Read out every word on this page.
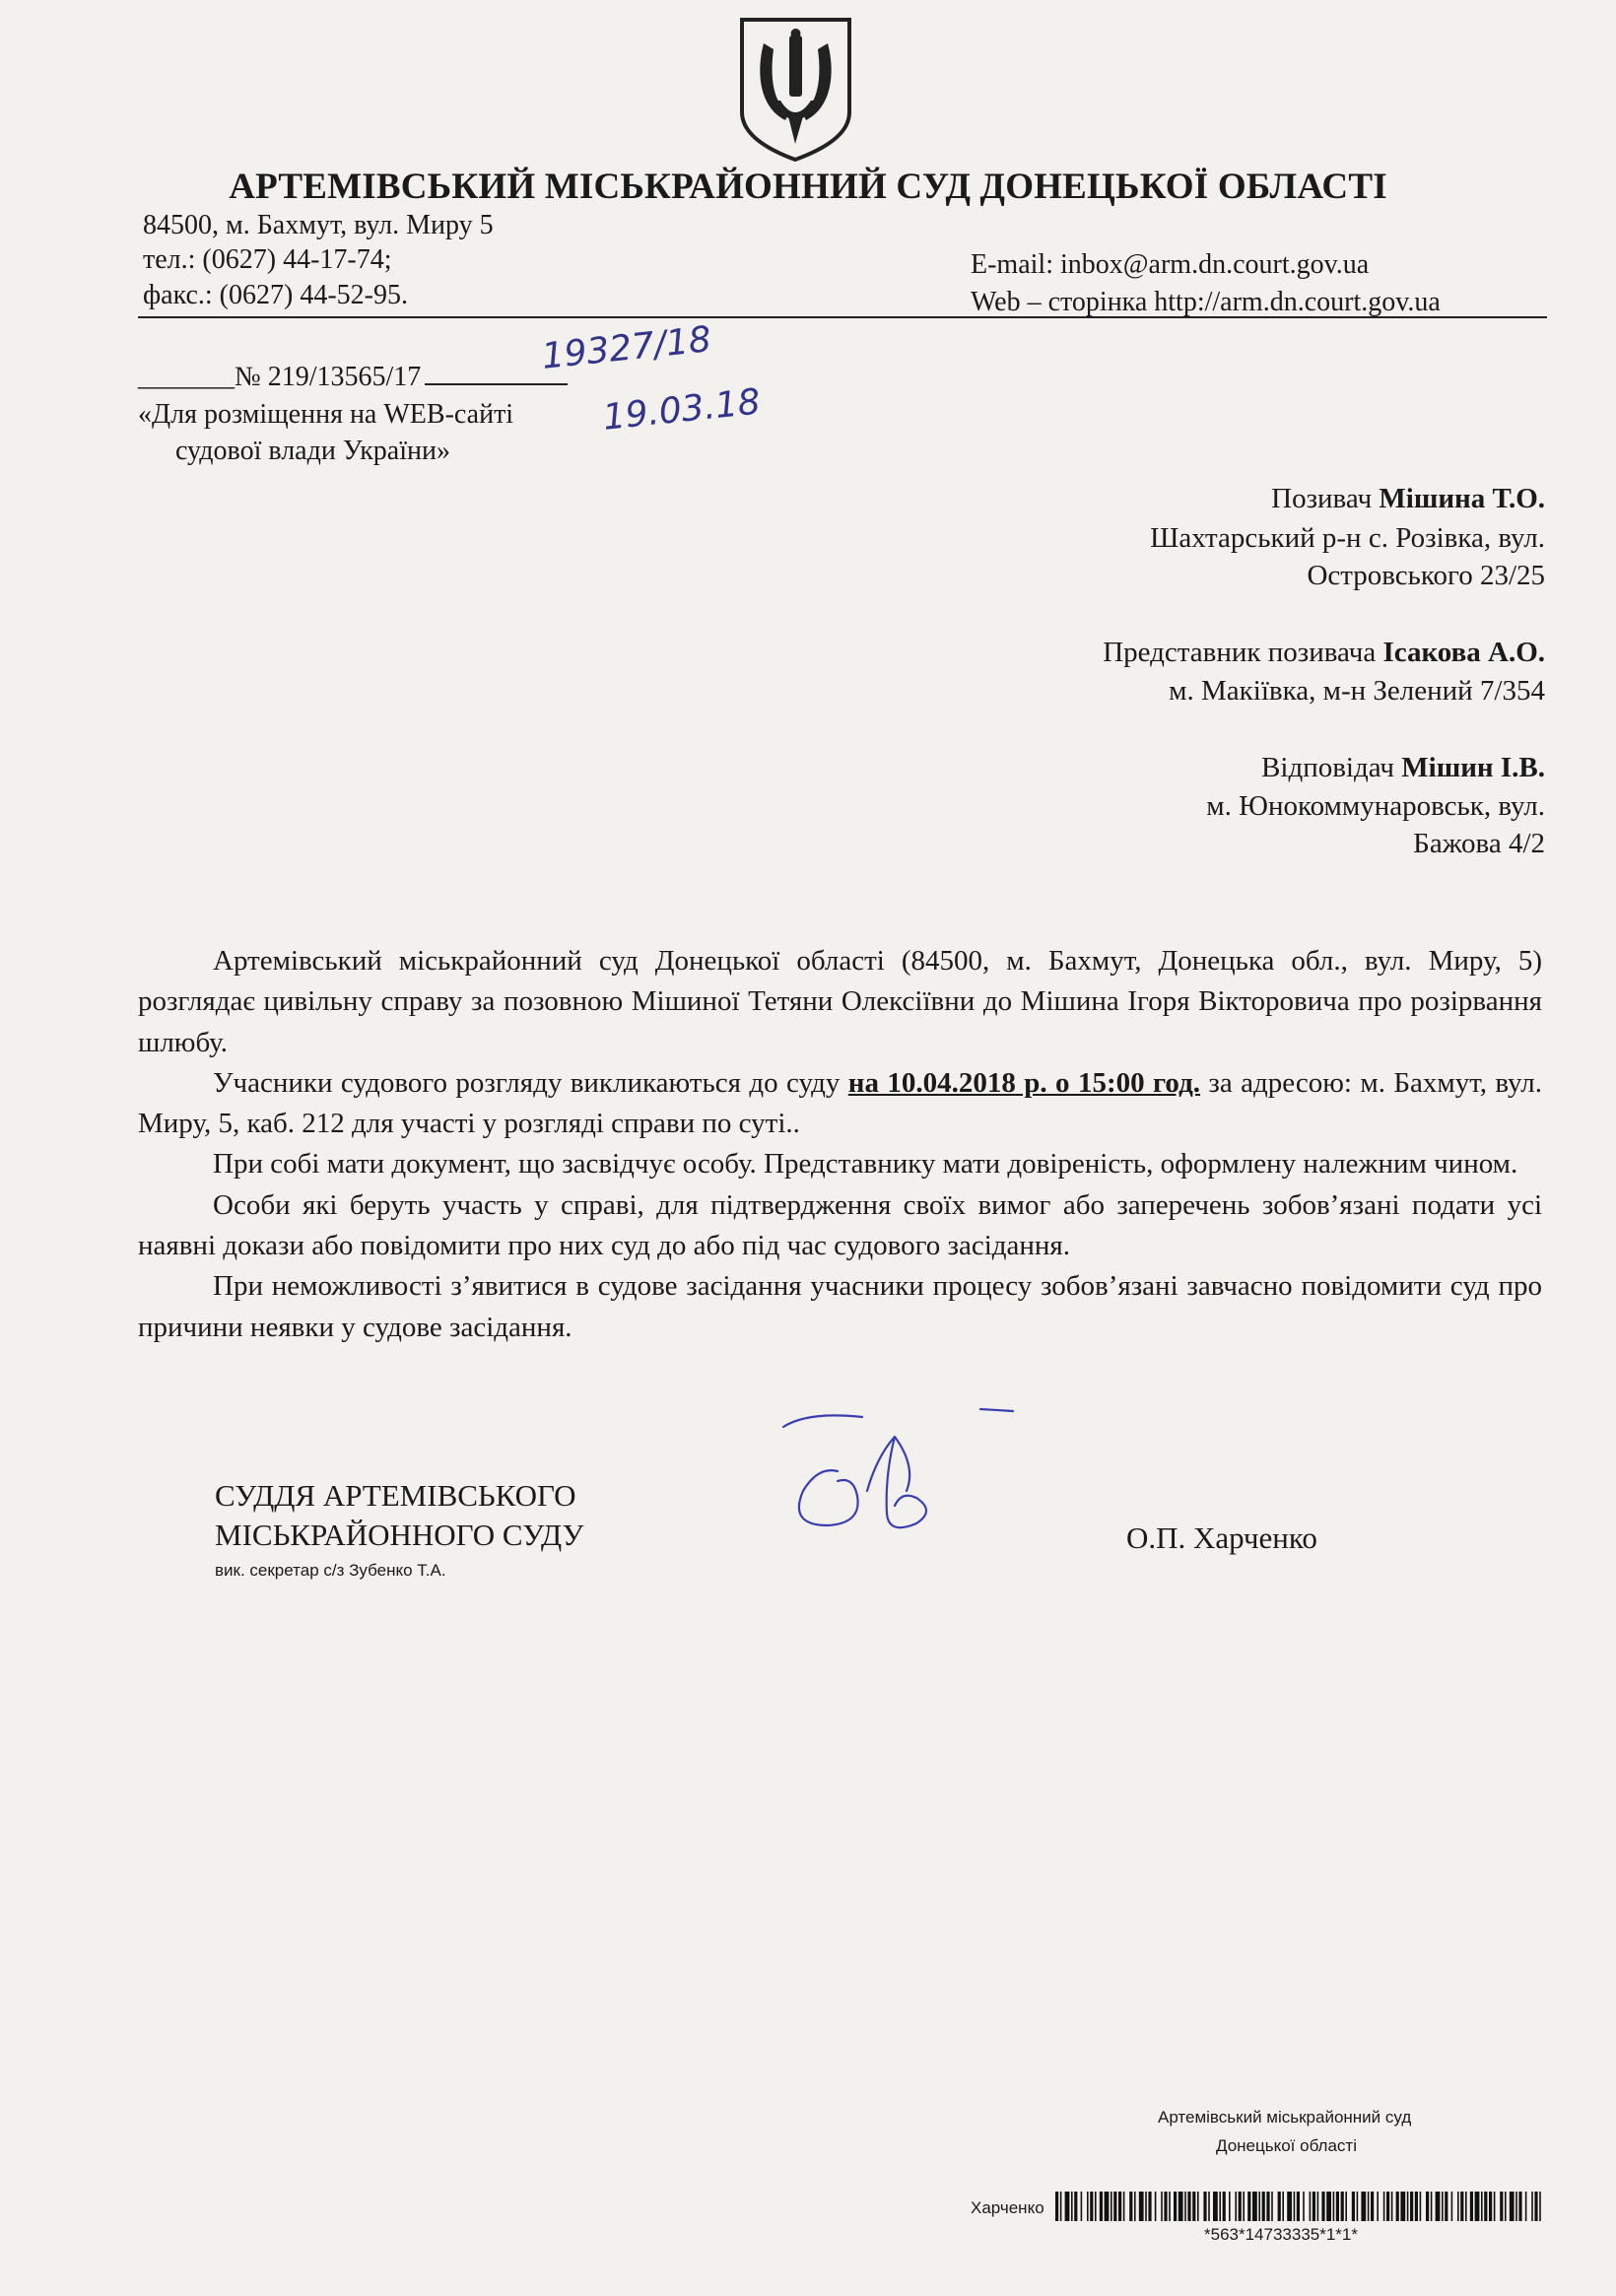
АРТЕМІВСЬКИЙ МІСЬКРАЙОННИЙ СУД ДОНЕЦЬКОЇ ОБЛАСТІ
84500, м. Бахмут, вул. Миру 5
тел.: (0627) 44-17-74;
факс.: (0627) 44-52-95.
E-mail: inbox@arm.dn.court.gov.ua
Web – сторінка http://arm.dn.court.gov.ua
_______№ 219/13565/17	19327/18
19.03.18
«Для розміщення на WEB-сайті
судової влади України»
Позивач Мішина Т.О.
Шахтарський р-н с. Розівка, вул.
Островського 23/25
Представник позивача Ісакова А.О.
м. Макіївка, м-н Зелений 7/354
Відповідач Мішин І.В.
м. Юнокоммунаровськ, вул.
Бажова 4/2

Артемівський міськрайонний суд Донецької області (84500, м. Бахмут, Донецька обл., вул. Миру, 5) розглядає цивільну справу за позовною Мішиної Тетяни Олексіївни до Мішина Ігоря Вікторовича про розірвання шлюбу.

Учасники судового розгляду викликаються до суду на 10.04.2018 р. о 15:00 год. за адресою: м. Бахмут, вул. Миру, 5, каб. 212 для участі у розгляді справи по суті..

При собі мати документ, що засвідчує особу. Представнику мати довіреність, оформлену належним чином.

Особи які беруть участь у справі, для підтвердження своїх вимог або заперечень зобов’язані подати усі наявні докази або повідомити про них суд до або під час судового засідання.

При неможливості з’явитися в судове засідання учасники процесу зобов’язані завчасно повідомити суд про причини неявки у судове засідання.

СУДДЯ АРТЕМІВСЬКОГО
МІСЬКРАЙОННОГО СУДУ
вик. секретар с/з Зубенко Т.А.
О.П. Харченко
Артемівський міськрайонний суд
Донецької області
Харченко
*563*14733335*1*1*
